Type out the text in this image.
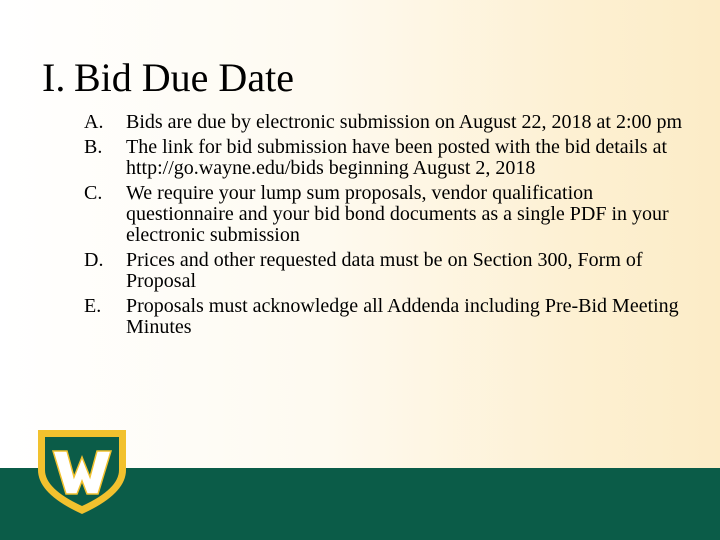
I. Bid Due Date
A.	Bids are due by electronic submission on August 22, 2018 at 2:00 pm
B.	The link for bid submission have been posted with the bid details at http://go.wayne.edu/bids beginning August 2, 2018
C.	We require your lump sum proposals, vendor qualification questionnaire and your bid bond documents as a single PDF in your electronic submission
D.	Prices and other requested data must be on Section 300, Form of Proposal
E.	Proposals must acknowledge all Addenda including Pre-Bid Meeting Minutes
